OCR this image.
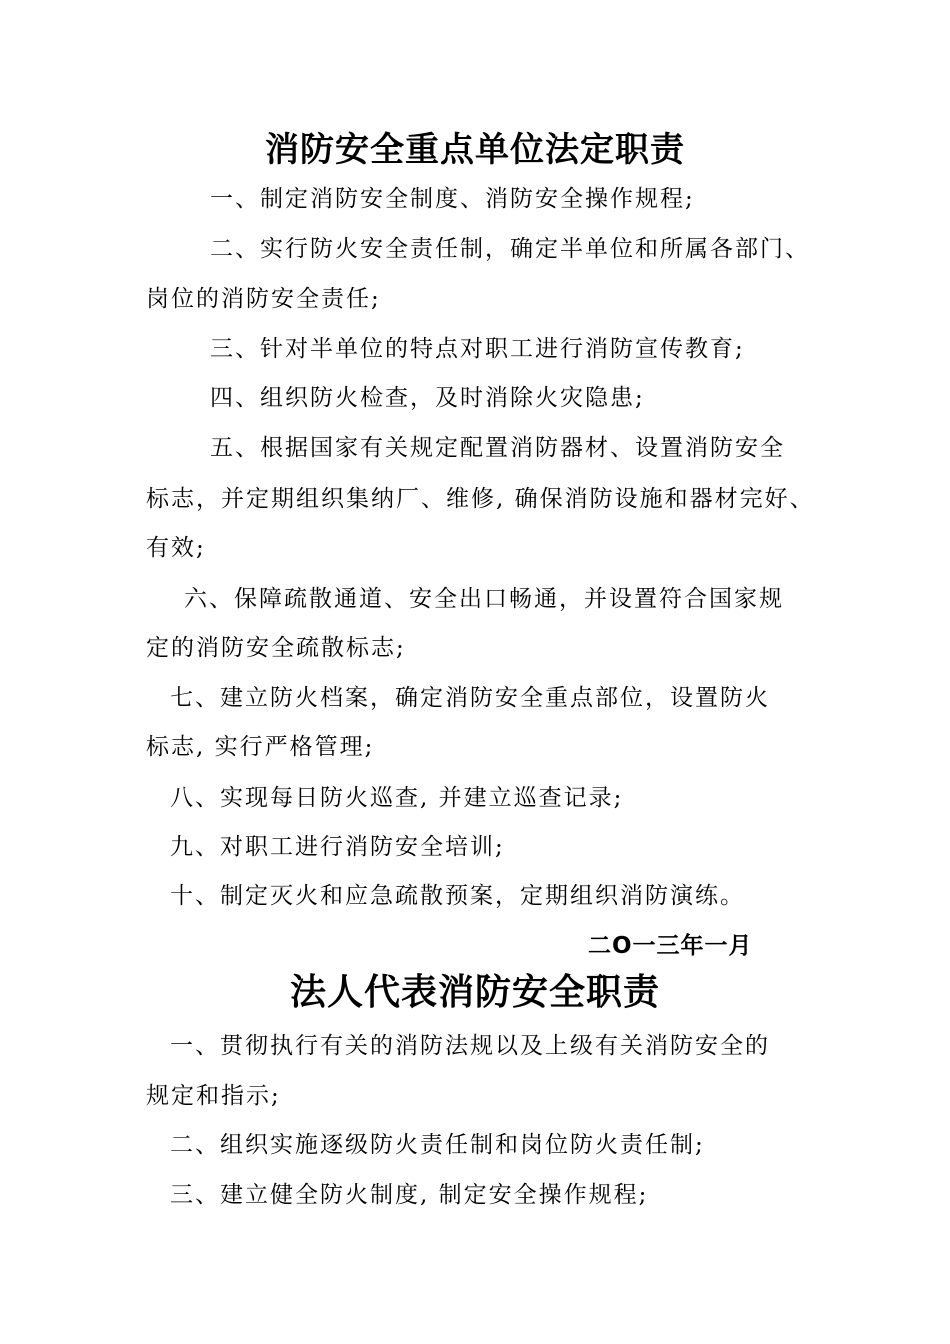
消防安全重点单位法定职责
一、制定消防安全制度、消防安全操作规程;
二、实行防火安全责任制，确定半单位和所属各部门、
岗位的消防安全责任;
三、针对半单位的特点对职工进行消防宣传教育;
四、组织防火检查，及时消除火灾隐患;
五、根据国家有关规定配置消防器材、设置消防安全
标志，并定期组织集纳厂、维修, 确保消防设施和器材完好、
有效;
六、保障疏散通道、安全出口畅通，并设置符合国家规
定的消防安全疏散标志;
七、建立防火档案，确定消防安全重点部位，设置防火
标志, 实行严格管理;
八、实现每日防火巡查, 并建立巡查记录;
九、对职工进行消防安全培训;
十、制定灭火和应急疏散预案，定期组织消防演练。
二O一三年一月
法人代表消防安全职责
一、贯彻执行有关的消防法规以及上级有关消防安全的
规定和指示;
二、组织实施逐级防火责任制和岗位防火责任制;
三、建立健全防火制度, 制定安全操作规程;
